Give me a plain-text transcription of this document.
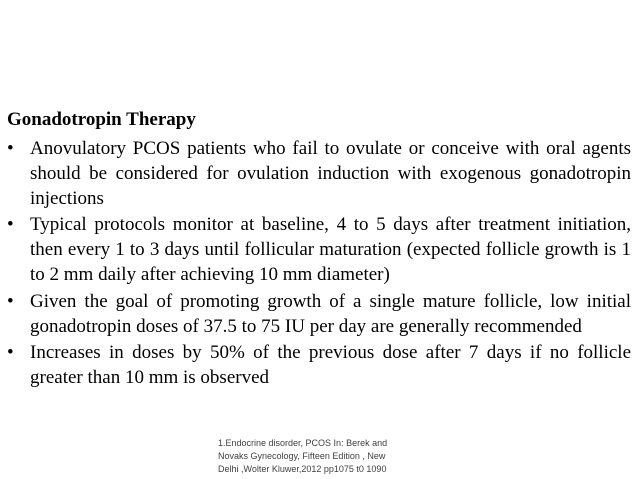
Gonadotropin Therapy
• Anovulatory PCOS patients who fail to ovulate or conceive with oral agents should be considered for ovulation induction with exogenous gonadotropin injections
• Typical protocols monitor at baseline, 4 to 5 days after treatment initiation, then every 1 to 3 days until follicular maturation (expected follicle growth is 1 to 2 mm daily after achieving 10 mm diameter)
• Given the goal of promoting growth of a single mature follicle, low initial gonadotropin doses of 37.5 to 75 IU per day are generally recommended
• Increases in doses by 50% of the previous dose after 7 days if no follicle greater than 10 mm is observed
1.Endocrine disorder, PCOS In: Berek and
Novaks Gynecology, Fifteen Edition , New
Delhi ,Wolter Kluwer,2012 pp1075 t0 1090
